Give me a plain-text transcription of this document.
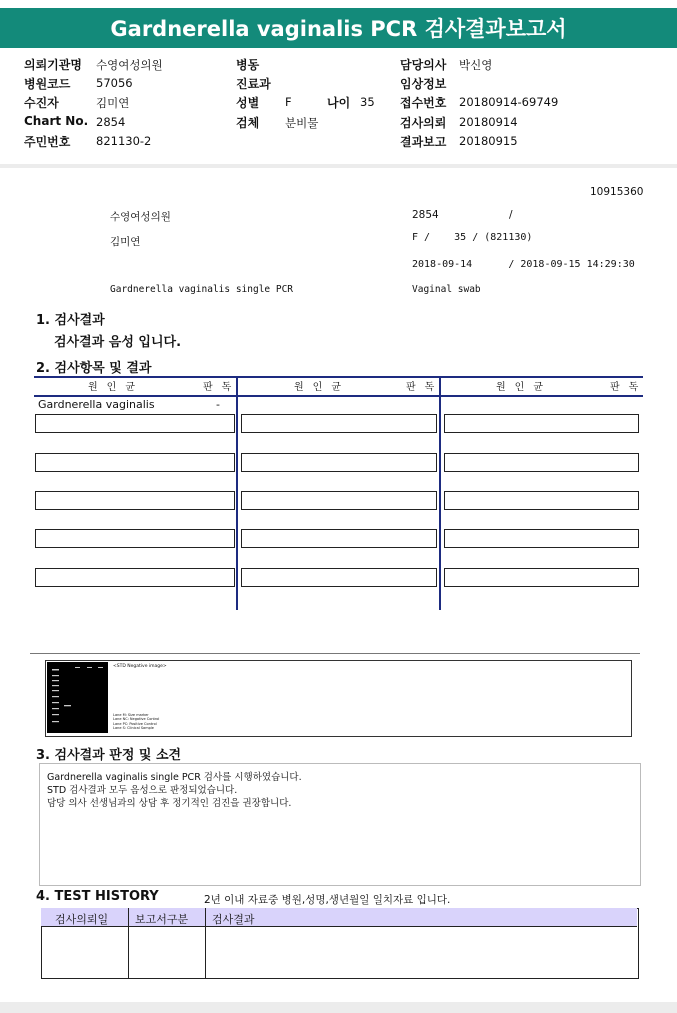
Gardnerella vaginalis PCR 검사결과보고서
의뢰기관명 수영여성의원	병동	담당의사 박신영
병원코드 57056	진료과	임상정보
수진자	김미연	성별 F	나이 35 접수번호 20180914-69749
Chart No. 2854	검체 분비물	검사의뢰 20180914
주민번호 821130-2	결과보고 20180915
10915360
수영여성의원	2854	/
김미연	F /    35 / (821130)
2018-09-14      / 2018-09-15 14:29:30
Gardnerella vaginalis single PCR	Vaginal swab
1. 검사결과
검사결과 음성 입니다.
2. 검사항목 및 결과
원인균	판독	원인균	판독	원인균	판독
Gardnerella vaginalis	-
<STD Negative image>
Lane M: Size marker
Lane NC: Negative Control
Lane PC: Positive Control
Lane S: Clinical Sample
3. 검사결과 판정 및 소견
Gardnerella vaginalis single PCR 검사를 시행하였습니다.
STD 검사결과 모두 음성으로 판정되었습니다.
담당 의사 선생님과의 상담 후 정기적인 검진을 권장합니다.
4. TEST HISTORY	2년 이내 자료중 병원,성명,생년월일 일치자료 입니다.
검사의뢰일 보고서구분 검사결과
